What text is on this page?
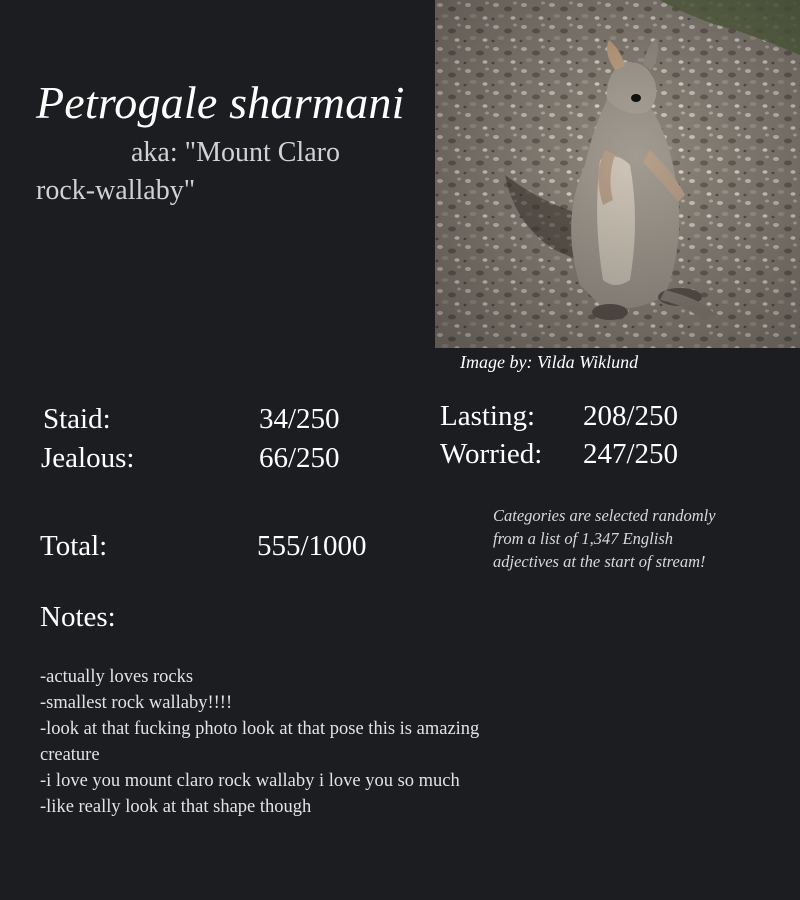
Petrogale sharmani
aka: "Mount Claro rock-wallaby"
Image by: Vilda Wiklund
Staid:	34/250
Jealous:	66/250
Lasting: 208/250
Worried: 247/250
Total:	555/1000
Categories are selected randomly from a list of 1,347 English adjectives at the start of stream!
Notes:
-actually loves rocks
-smallest rock wallaby!!!!
-look at that fucking photo look at that pose this is amazing creature
-i love you mount claro rock wallaby i love you so much
-like really look at that shape though
